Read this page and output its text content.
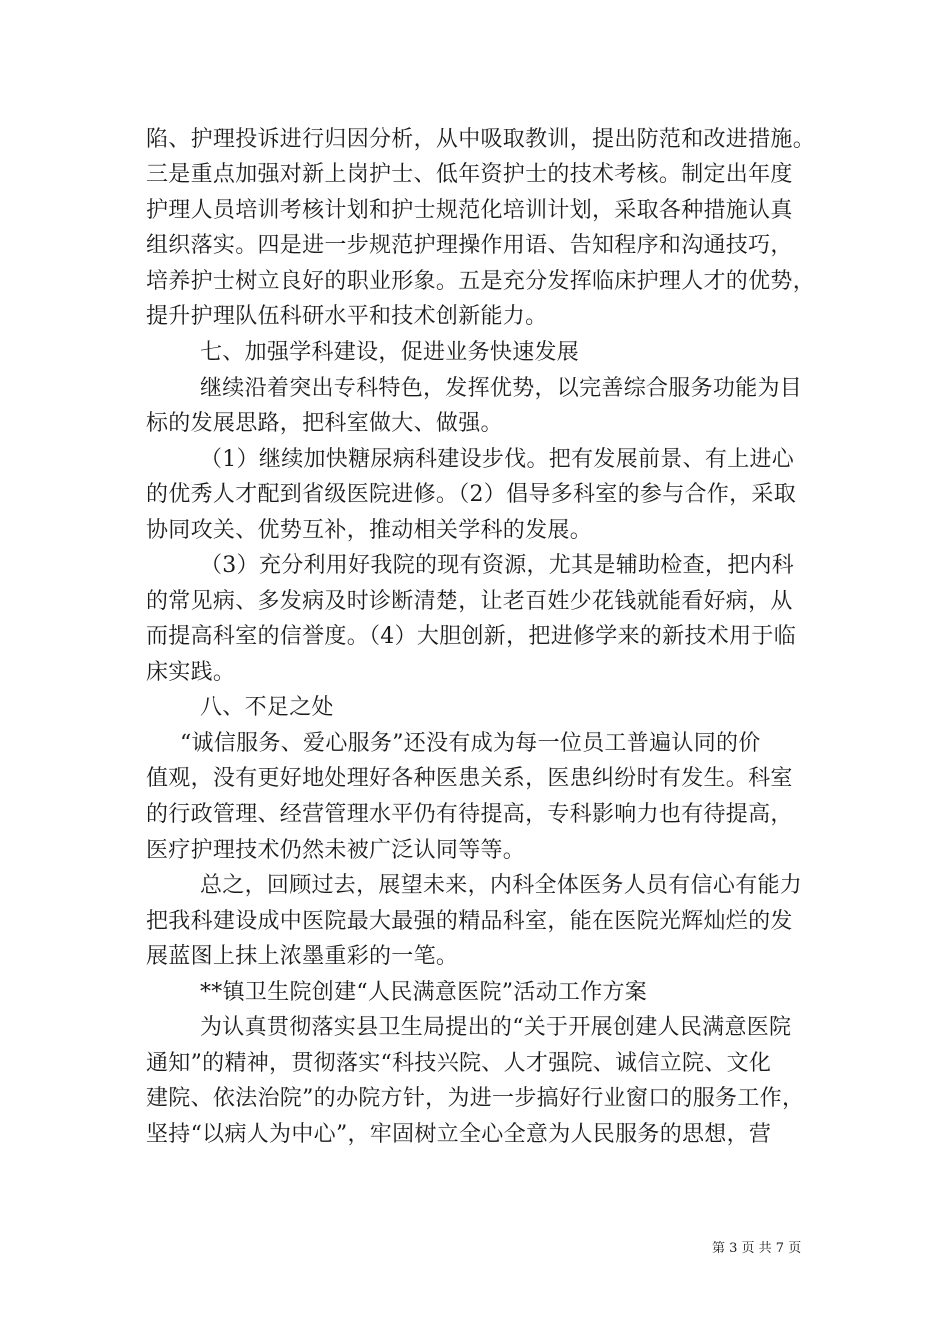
陷、护理投诉进行归因分析，从中吸取教训，提出防范和改进措施。
三是重点加强对新上岗护士、低年资护士的技术考核。制定出年度
护理人员培训考核计划和护士规范化培训计划，采取各种措施认真
组织落实。四是进一步规范护理操作用语、告知程序和沟通技巧，
培养护士树立良好的职业形象。五是充分发挥临床护理人才的优势，
提升护理队伍科研水平和技术创新能力。
七、加强学科建设，促进业务快速发展
继续沿着突出专科特色，发挥优势，以完善综合服务功能为目
标的发展思路，把科室做大、做强。
（1）继续加快糖尿病科建设步伐。把有发展前景、有上进心
的优秀人才配到省级医院进修。（2）倡导多科室的参与合作，采取
协同攻关、优势互补，推动相关学科的发展。
（3）充分利用好我院的现有资源，尤其是辅助检查，把内科
的常见病、多发病及时诊断清楚，让老百姓少花钱就能看好病，从
而提高科室的信誉度。（4）大胆创新，把进修学来的新技术用于临
床实践。
八、不足之处
“诚信服务、爱心服务”还没有成为每一位员工普遍认同的价
值观，没有更好地处理好各种医患关系，医患纠纷时有发生。科室
的行政管理、经营管理水平仍有待提高，专科影响力也有待提高，
医疗护理技术仍然未被广泛认同等等。
总之，回顾过去，展望未来，内科全体医务人员有信心有能力
把我科建设成中医院最大最强的精品科室，能在医院光辉灿烂的发
展蓝图上抹上浓墨重彩的一笔。
**镇卫生院创建“人民满意医院”活动工作方案
为认真贯彻落实县卫生局提出的“关于开展创建人民满意医院
通知”的精神，贯彻落实“科技兴院、人才强院、诚信立院、文化
建院、依法治院”的办院方针，为进一步搞好行业窗口的服务工作，
坚持“以病人为中心”，牢固树立全心全意为人民服务的思想，营
第 3 页 共 7 页
